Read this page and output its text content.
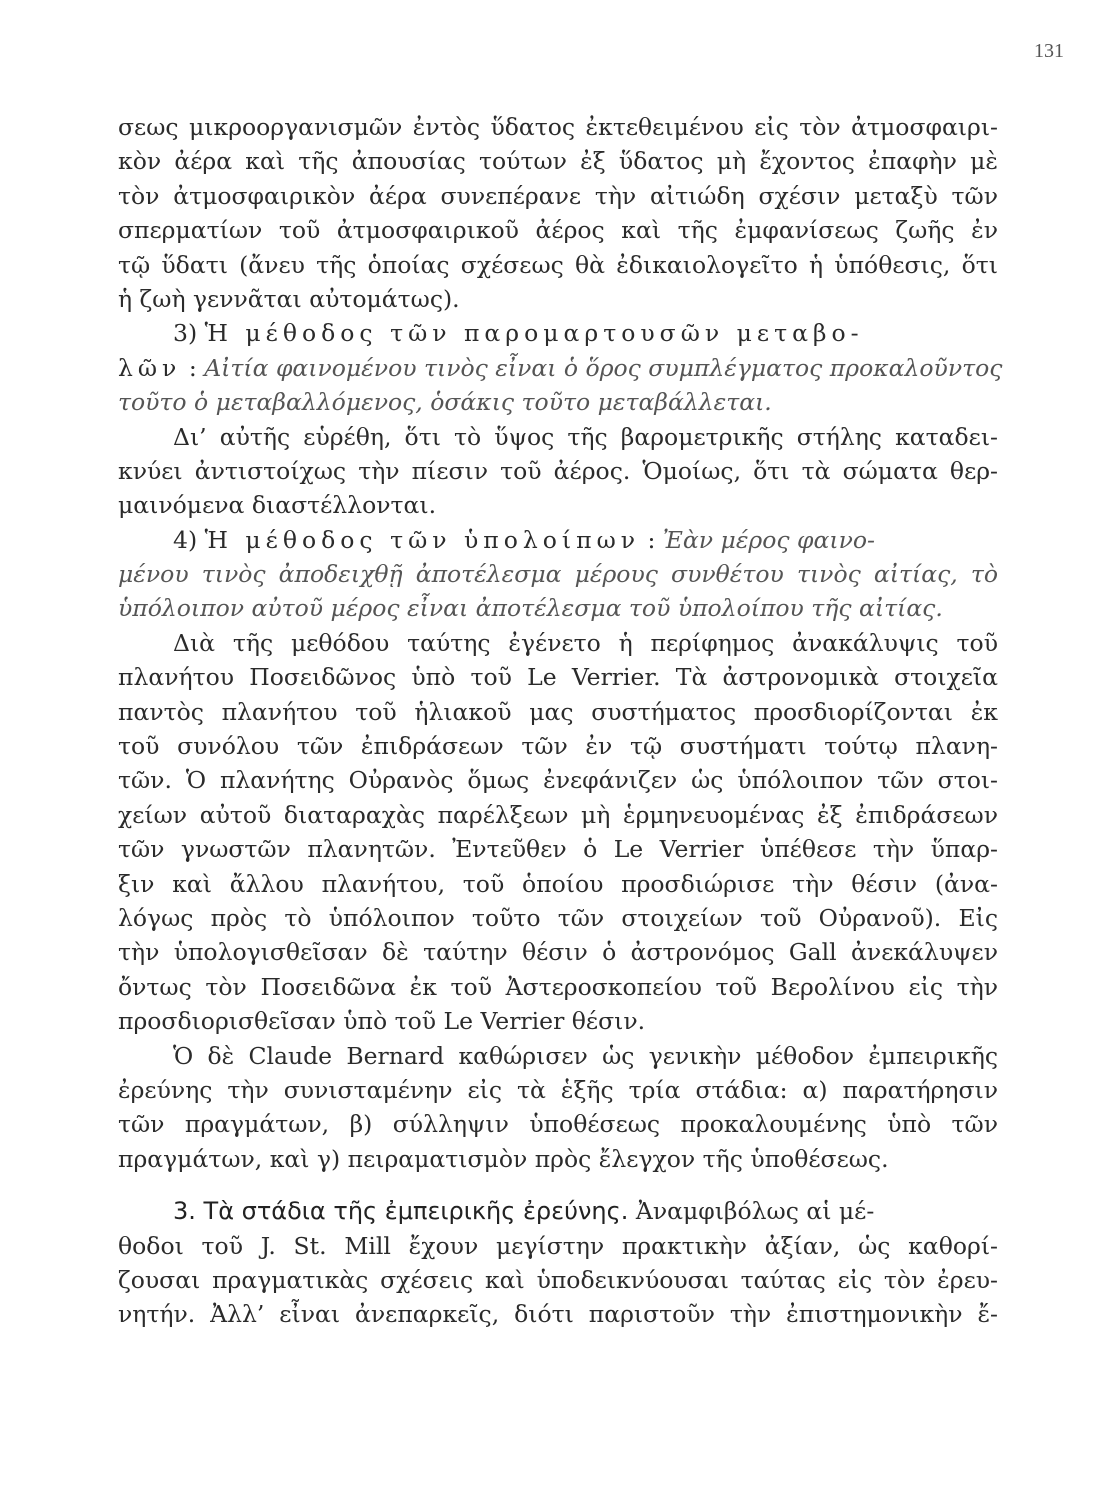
131
σεως μικροοργανισμῶν ἐντὸς ὕδατος ἐκτεθειμένου εἰς τὸν ἀτμοσφαιρι-
κὸν ἀέρα καὶ τῆς ἀπουσίας τούτων ἐξ ὕδατος μὴ ἔχοντος ἐπαφὴν μὲ
τὸν ἀτμοσφαιρικὸν ἀέρα συνεπέρανε τὴν αἰτιώδη σχέσιν μεταξὺ τῶν
σπερματίων τοῦ ἀτμοσφαιρικοῦ ἀέρος καὶ τῆς ἐμφανίσεως ζωῆς ἐν
τῷ ὕδατι (ἄνευ τῆς ὁποίας σχέσεως θὰ ἐδικαιολογεῖτο ἡ ὑπόθεσις, ὅτι
ἡ ζωὴ γεννᾶται αὐτομάτως).
3) Ἡ μέθοδος τῶν παρομαρτουσῶν μεταβο-
λῶν : Αἰτία φαινομένου τινὸς εἶναι ὁ ὅρος συμπλέγματος προκαλοῦντος
τοῦτο ὁ μεταβαλλόμενος, ὁσάκις τοῦτο μεταβάλλεται.
Δι’ αὐτῆς εὑρέθη, ὅτι τὸ ὕψος τῆς βαρομετρικῆς στήλης καταδει-
κνύει ἀντιστοίχως τὴν πίεσιν τοῦ ἀέρος. Ὁμοίως, ὅτι τὰ σώματα θερ-
μαινόμενα διαστέλλονται.
4) Ἡ μέθοδος τῶν ὑπολοίπων : Ἐὰν μέρος φαινο-
μένου τινὸς ἀποδειχθῇ ἀποτέλεσμα μέρους συνθέτου τινὸς αἰτίας, τὸ
ὑπόλοιπον αὐτοῦ μέρος εἶναι ἀποτέλεσμα τοῦ ὑπολοίπου τῆς αἰτίας.
Διὰ τῆς μεθόδου ταύτης ἐγένετο ἡ περίφημος ἀνακάλυψις τοῦ
πλανήτου Ποσειδῶνος ὑπὸ τοῦ Le Verrier. Τὰ ἀστρονομικὰ στοιχεῖα
παντὸς πλανήτου τοῦ ἡλιακοῦ μας συστήματος προσδιορίζονται ἐκ
τοῦ συνόλου τῶν ἐπιδράσεων τῶν ἐν τῷ συστήματι τούτῳ πλανη-
τῶν. Ὁ πλανήτης Οὐρανὸς ὅμως ἐνεφάνιζεν ὡς ὑπόλοιπον τῶν στοι-
χείων αὐτοῦ διαταραχὰς παρέλξεων μὴ ἑρμηνευομένας ἐξ ἐπιδράσεων
τῶν γνωστῶν πλανητῶν. Ἐντεῦθεν ὁ Le Verrier ὑπέθεσε τὴν ὕπαρ-
ξιν καὶ ἄλλου πλανήτου, τοῦ ὁποίου προσδιώρισε τὴν θέσιν (ἀνα-
λόγως πρὸς τὸ ὑπόλοιπον τοῦτο τῶν στοιχείων τοῦ Οὐρανοῦ). Εἰς
τὴν ὑπολογισθεῖσαν δὲ ταύτην θέσιν ὁ ἀστρονόμος Gall ἀνεκάλυψεν
ὄντως τὸν Ποσειδῶνα ἐκ τοῦ Ἀστεροσκοπείου τοῦ Βερολίνου εἰς τὴν
προσδιορισθεῖσαν ὑπὸ τοῦ Le Verrier θέσιν.
Ὁ δὲ Claude Bernard καθώρισεν ὡς γενικὴν μέθοδον ἐμπειρικῆς
ἐρεύνης τὴν συνισταμένην εἰς τὰ ἑξῆς τρία στάδια: α) παρατήρησιν
τῶν πραγμάτων, β) σύλληψιν ὑποθέσεως προκαλουμένης ὑπὸ τῶν
πραγμάτων, καὶ γ) πειραματισμὸν πρὸς ἔλεγχον τῆς ὑποθέσεως.
3. Τὰ στάδια τῆς ἐμπειρικῆς ἐρεύνης. Ἀναμφιβόλως αἱ μέ-
θοδοι τοῦ J. St. Mill ἔχουν μεγίστην πρακτικὴν ἀξίαν, ὡς καθορί-
ζουσαι πραγματικὰς σχέσεις καὶ ὑποδεικνύουσαι ταύτας εἰς τὸν ἐρευ-
νητήν. Ἀλλ’ εἶναι ἀνεπαρκεῖς, διότι παριστοῦν τὴν ἐπιστημονικὴν ἔ-
